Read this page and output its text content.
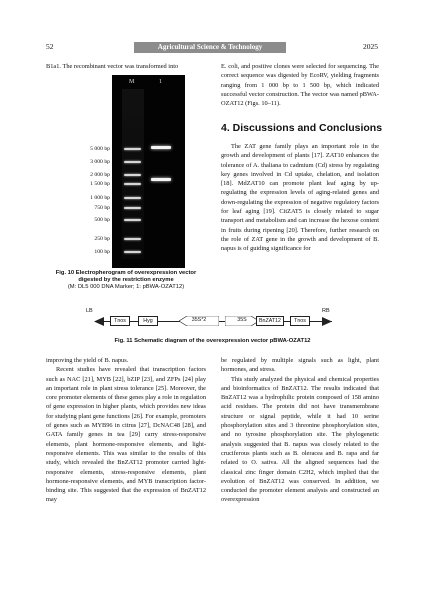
52	Agricultural Science & Technology	2025

B1a1. The recombinant vector was transformed into	E. coli, and positive clones were selected for sequencing. The correct sequence was digested by EcoRV, yielding fragments ranging from 1 000 bp to 1 500 bp, which indicated successful vector construction. The vector was named pBWA-OZAT12 (Figs. 10–11).

5 000 bp
3 000 bp
2 000 bp
1 500 bp
1 000 bp
750 bp
500 bp
250 bp
100 bp
M	1
Fig. 10 Electropherogram of overexpression vector digested by the restriction enzyme
(M: DL5 000 DNA Marker; 1: pBWA-OZAT12)
4. Discussions and Conclusions

The ZAT gene family plays an important role in the growth and development of plants [17]. ZAT10 enhances the tolerance of A. thaliana to cadmium (Cd) stress by regulating key genes involved in Cd uptake, chelation, and isolation [18]. MdZAT10 can promote plant leaf aging by up-regulating the expression levels of aging-related genes and down-regulating the expression of negative regulatory factors for leaf aging [19]. CitZAT5 is closely related to sugar transport and metabolism and can increase the hexose content in fruits during ripening [20]. Therefore, further research on the role of ZAT gene in the growth and development of B. napus is of guiding significance for

LB	RB
Tnos	Hyg	35S*2	35S	BnZAT12	Tnos
Fig. 11 Schematic diagram of the overexpression vector pBWA-OZAT12

improving the yield of B. napus.

Recent studies have revealed that transcription factors such as NAC [21], MYB [22], bZIP [23], and ZFPs [24] play an important role in plant stress tolerance [25]. Moreover, the core promoter elements of these genes play a role in regulation of gene expression in higher plants, which provides new ideas for studying plant gene functions [26]. For example, promoters of genes such as MYB96 in citrus [27], DcNAC48 [28], and GATA family genes in tea [29] carry stress-responsive elements, plant hormone-responsive elements, and light-responsive elements. This was similar to the results of this study, which revealed the BnZAT12 promoter carried light-responsive elements, stress-responsive elements, plant hormone-responsive elements, and MYB transcription factor-binding site. This suggested that the expression of BnZAT12 may

be regulated by multiple signals such as light, plant hormones, and stress.

This study analyzed the physical and chemical properties and bioinformatics of BnZAT12. The results indicated that BnZAT12 was a hydrophilic protein composed of 158 amino acid residues. The protein did not have transmembrane structure or signal peptide, while it had 10 serine phosphorylation sites and 3 threonine phosphorylation sites, and no tyrosine phosphorylation site. The phylogenetic analysis suggested that B. napus was closely related to the cruciferous plants such as B. oleracea and B. rapa and far related to O. sativa. All the aligned sequences had the classical zinc finger domain C2H2, which implied that the evolution of BnZAT12 was conserved. In addition, we conducted the promoter element analysis and constructed an overexpression
